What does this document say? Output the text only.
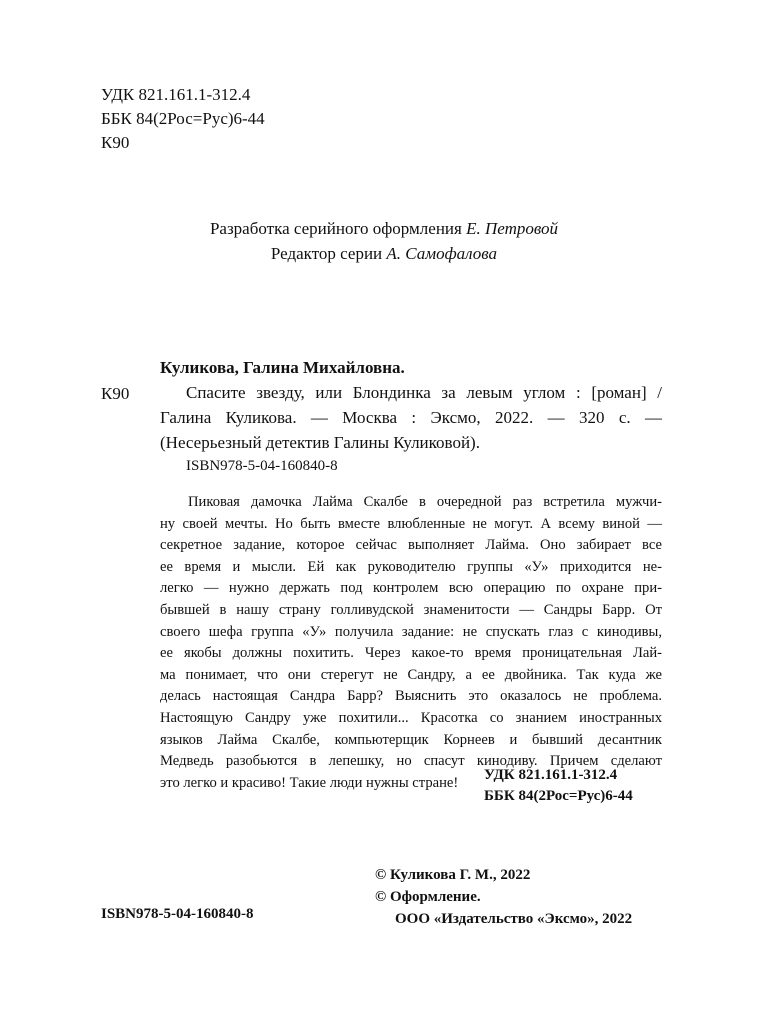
УДК 821.161.1-312.4
ББК 84(2Рос=Рус)6-44
К90
Разработка серийного оформления Е. Петровой
Редактор серии А. Самофалова
Куликова, Галина Михайловна.
К90	Спасите звезду, или Блондинка за левым углом : [роман] /
Галина Куликова. — Москва : Эксмо, 2022. — 320 с. —
(Несерьезный детектив Галины Куликовой).
ISBN978-5-04-160840-8
Пиковая дамочка Лайма Скалбе в очередной раз встретила мужчи-
ну своей мечты. Но быть вместе влюбленные не могут. А всему виной —
секретное задание, которое сейчас выполняет Лайма. Оно забирает все
ее время и мысли. Ей как руководителю группы «У» приходится не-
легко — нужно держать под контролем всю операцию по охране при-
бывшей в нашу страну голливудской знаменитости — Сандры Барр. От
своего шефа группа «У» получила задание: не спускать глаз с кинодивы,
ее якобы должны похитить. Через какое-то время проницательная Лай-
ма понимает, что они стерегут не Сандру, а ее двойника. Так куда же
делась настоящая Сандра Барр? Выяснить это оказалось не проблема.
Настоящую Сандру уже похитили... Красотка со знанием иностранных
языков Лайма Скалбе, компьютерщик Корнеев и бывший десантник
Медведь разобьются в лепешку, но спасут кинодиву. Причем сделают
это легко и красиво! Такие люди нужны стране!	УДК 821.161.1-312.4
ББК 84(2Рос=Рус)6-44
© Куликова Г. М., 2022
© Оформление.
ООО «Издательство «Эксмо», 2022
ISBN978-5-04-160840-8
